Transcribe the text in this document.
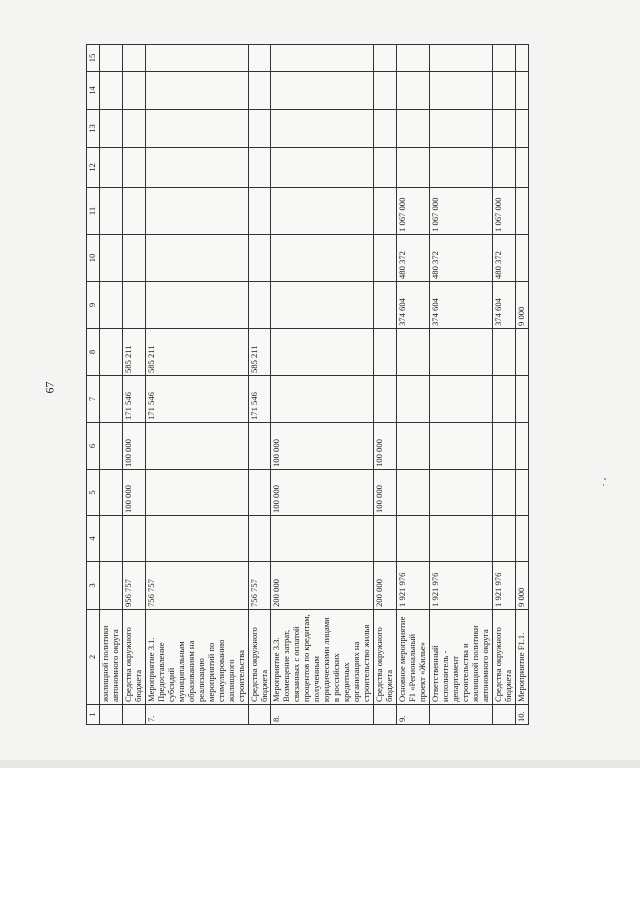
67
1	2	3	4	5	6	7	8	9	10	11	12	13	14	15
	жилищной политики автономного округа													
	Средства окружного бюджета	956 757		100 000	100 000	171 546	585 211							
7.	Мероприятие 3.1. Предоставление субсидий муниципальным образованиям на реализацию мероприятий по стимулированию жилищного строительства	756 757				171 546	585 211							
	Средства окружного бюджета	756 757				171 546	585 211							
8.	Мероприятие 3.3. Возмещение затрат, связанных с оплатой процентов по кредитам, полученным юридическими лицами в российских кредитных организациях на строительство жилья	200 000		100 000	100 000									
	Средства окружного бюджета	200 000		100 000	100 000									
9.	Основное мероприятие F1 «Региональный проект «Жилье»	1 921 976						374 604	480 372	1 067 000				
	Ответственный исполнитель - департамент строительства и жилищной политики автономного округа	1 921 976						374 604	480 372	1 067 000				
	Средства окружного бюджета	1 921 976						374 604	480 372	1 067 000				
10.	Мероприятие F1.1.	9 000						9 000						
